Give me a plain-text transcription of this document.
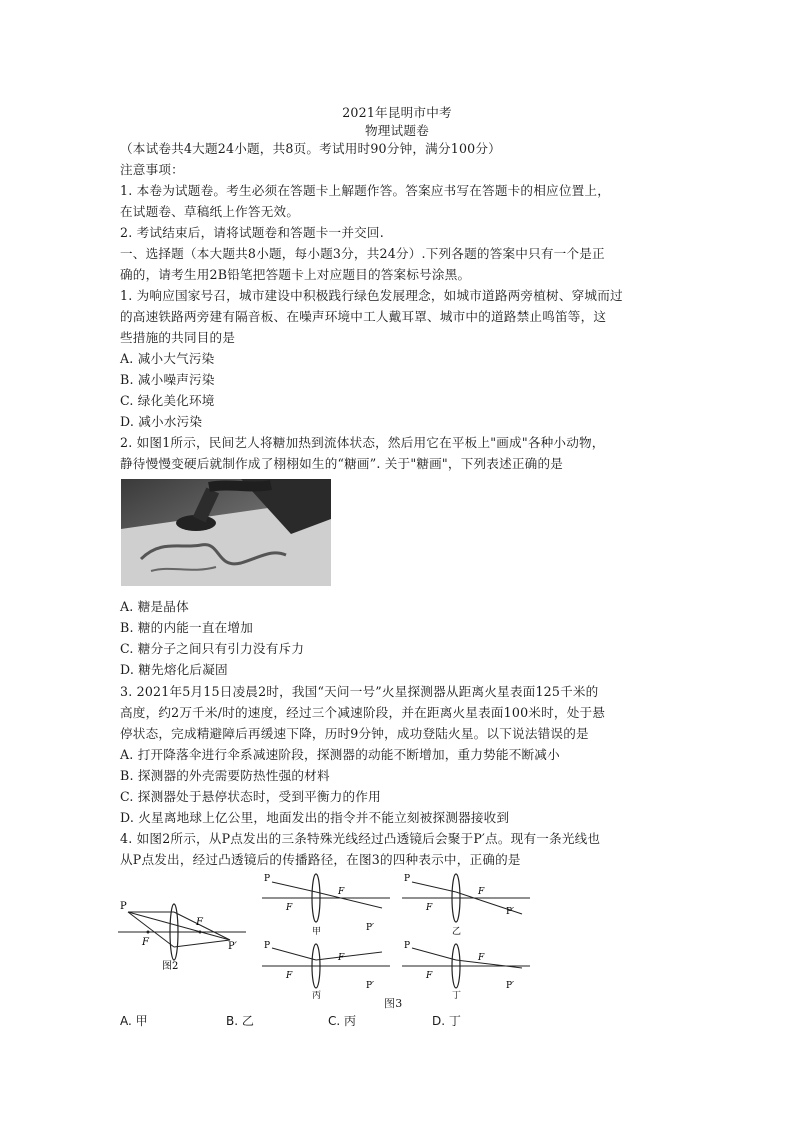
2021年昆明市中考
物理试题卷
（本试卷共4大题24小题，共8页。考试用时90分钟，满分100分）
注意事项：
1. 本卷为试题卷。考生必须在答题卡上解题作答。答案应书写在答题卡的相应位置上，
在试题卷、草稿纸上作答无效。
2. 考试结束后，请将试题卷和答题卡一并交回.
一、选择题（本大题共8小题，每小题3分，共24分）.下列各题的答案中只有一个是正
确的，请考生用2B铅笔把答题卡上对应题目的答案标号涂黑。
1. 为响应国家号召，城市建设中积极践行绿色发展理念，如城市道路两旁植树、穿城而过
的高速铁路两旁建有隔音板、在噪声环境中工人戴耳罩、城市中的道路禁止鸣笛等，这
些措施的共同目的是
A. 减小大气污染
B. 减小噪声污染
C. 绿化美化环境
D. 减小水污染
2. 如图1所示，民间艺人将糖加热到流体状态，然后用它在平板上"画成"各种小动物，
静待慢慢变硬后就制作成了栩栩如生的“糖画”. 关于"糖画"，下列表述正确的是
A. 糖是晶体
B. 糖的内能一直在增加
C. 糖分子之间只有引力没有斥力
D. 糖先熔化后凝固
3. 2021年5月15日凌晨2时，我国“天问一号”火星探测器从距离火星表面125千米的
高度，约2万千米/时的速度，经过三个减速阶段，并在距离火星表面100米时，处于悬
停状态，完成精避障后再缓速下降，历时9分钟，成功登陆火星。以下说法错误的是
A. 打开降落伞进行伞系减速阶段，探测器的动能不断增加，重力势能不断减小
B. 探测器的外壳需要防热性强的材料
C. 探测器处于悬停状态时，受到平衡力的作用
D. 火星离地球上亿公里，地面发出的指令并不能立刻被探测器接收到
4. 如图2所示，从P点发出的三条特殊光线经过凸透镜后会聚于P′点。现有一条光线也
从P点发出，经过凸透镜后的传播路径，在图3的四种表示中，正确的是
P
P′
F
F
图2
P
F
F
P′
甲
P
F
F	P′
乙
P
F
F
P′
丙
P
F
F
P′
丁
图3
A. 甲	B. 乙	C. 丙	D. 丁
